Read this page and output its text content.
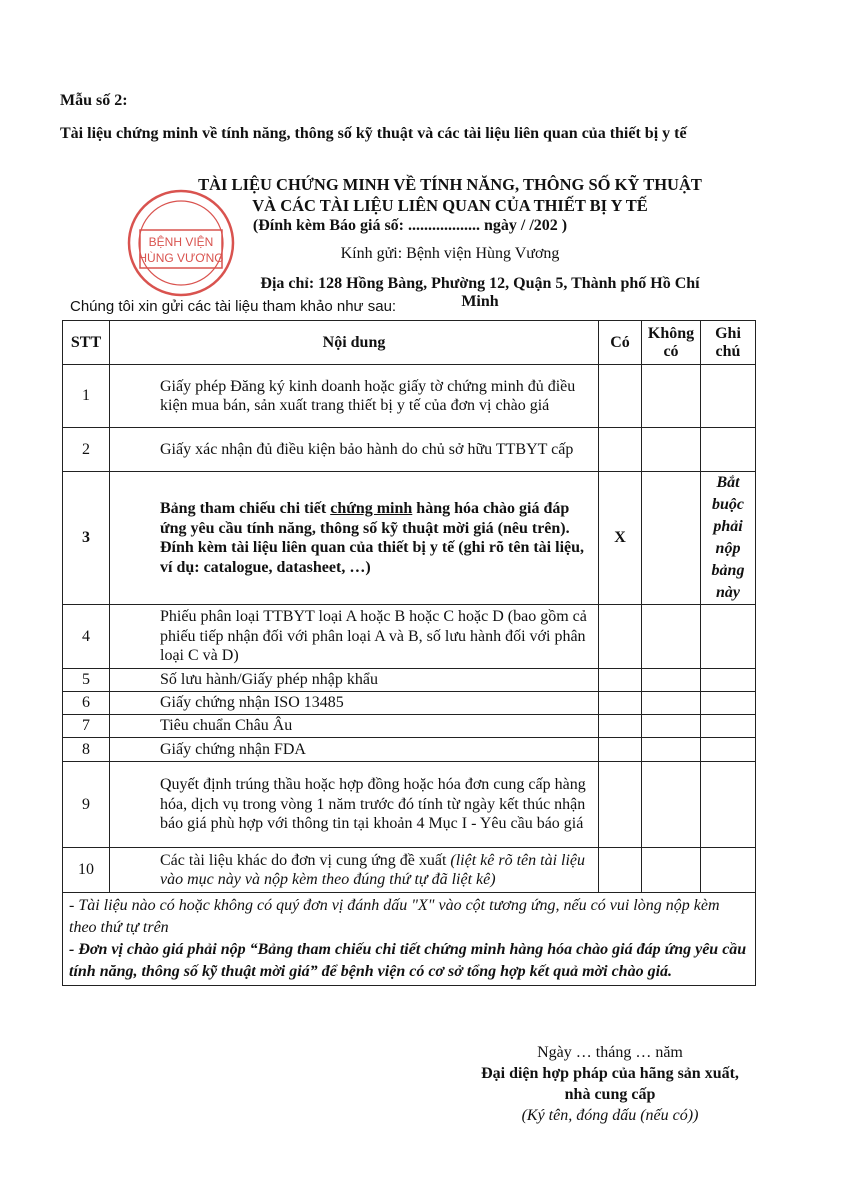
Mẫu số 2:
Tài liệu chứng minh về tính năng, thông số kỹ thuật và các tài liệu liên quan của thiết bị y tế
BỆNH VIỆN
HÙNG VƯƠNG
TÀI LIỆU CHỨNG MINH VỀ TÍNH NĂNG, THÔNG SỐ KỸ THUẬT
VÀ CÁC TÀI LIỆU LIÊN QUAN CỦA THIẾT BỊ Y TẾ
(Đính kèm Báo giá số: .................. ngày / /202 )
Kính gửi: Bệnh viện Hùng Vương
Địa chỉ: 128 Hồng Bàng, Phường 12, Quận 5, Thành phố Hồ Chí Minh
Chúng tôi xin gửi các tài liệu tham khảo như sau:
STT	Nội dung	Có	Không có	Ghi chú
1	Giấy phép Đăng ký kinh doanh hoặc giấy tờ chứng minh đủ điều kiện mua bán, sản xuất trang thiết bị y tế của đơn vị chào giá			
2	Giấy xác nhận đủ điều kiện bảo hành do chủ sở hữu TTBYT cấp			
3	Bảng tham chiếu chi tiết chứng minh hàng hóa chào giá đáp ứng yêu cầu tính năng, thông số kỹ thuật mời giá (nêu trên). Đính kèm tài liệu liên quan của thiết bị y tế (ghi rõ tên tài liệu, ví dụ: catalogue, datasheet, …)	X		Bắt buộc phải nộp bảng này
4	Phiếu phân loại TTBYT loại A hoặc B hoặc C hoặc D (bao gồm cả phiếu tiếp nhận đối với phân loại A và B, số lưu hành đối với phân loại C và D)			
5	Số lưu hành/Giấy phép nhập khẩu			
6	Giấy chứng nhận ISO 13485			
7	Tiêu chuẩn Châu Âu			
8	Giấy chứng nhận FDA			
9	Quyết định trúng thầu hoặc hợp đồng hoặc hóa đơn cung cấp hàng hóa, dịch vụ trong vòng 1 năm trước đó tính từ ngày kết thúc nhận báo giá phù hợp với thông tin tại khoản 4 Mục I - Yêu cầu báo giá			
10	Các tài liệu khác do đơn vị cung ứng đề xuất (liệt kê rõ tên tài liệu vào mục này và nộp kèm theo đúng thứ tự đã liệt kê)			

- Tài liệu nào có hoặc không có quý đơn vị đánh dấu "X" vào cột tương ứng, nếu có vui lòng nộp kèm theo thứ tự trên
- Đơn vị chào giá phải nộp “Bảng tham chiếu chi tiết chứng minh hàng hóa chào giá đáp ứng yêu cầu tính năng, thông số kỹ thuật mời giá” để bệnh viện có cơ sở tổng hợp kết quả mời chào giá.				
Ngày … tháng … năm
Đại diện hợp pháp của hãng sản xuất,
nhà cung cấp
(Ký tên, đóng dấu (nếu có))
